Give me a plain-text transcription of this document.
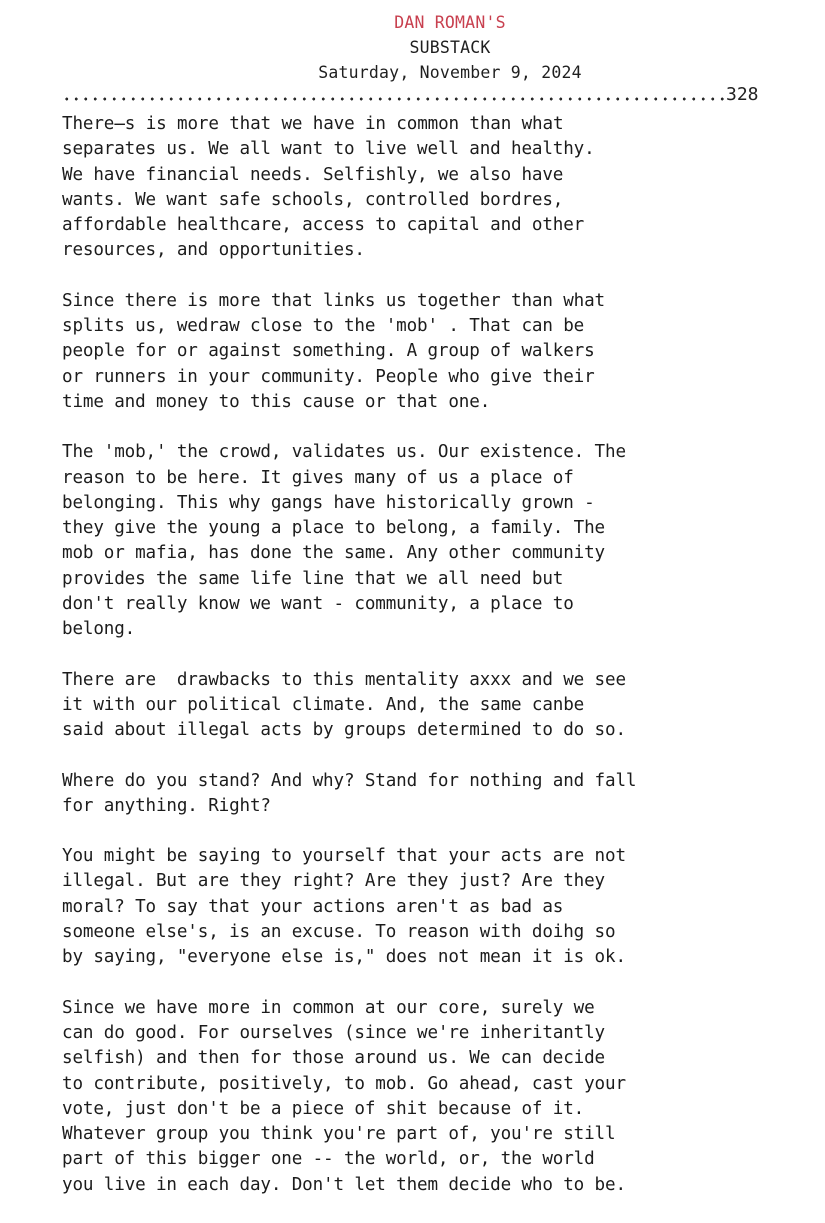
DAN ROMAN'S
SUBSTACK
Saturday, November 9, 2024
328

There̶s is more that we have in common than what
separates us. We all want to live well and healthy.
We have financial needs. Selfishly, we also have
wants. We want safe schools, controlled bordres,
affordable healthcare, access to capital and other
resources, and opportunities.

Since there is more that links us together than what
splits us, wedraw close to the 'mob' . That can be
people for or against something. A group of walkers
or runners in your community. People who give their
time and money to this cause or that one.

The 'mob,' the crowd, validates us. Our existence. The
reason to be here. It gives many of us a place of
belonging. This why gangs have historically grown -
they give the young a place to belong, a family. The
mob or mafia, has done the same. Any other community
provides the same life line that we all need but
don't really know we want - community, a place to
belong.

There are  drawbacks to this mentality axxx and we see
it with our political climate. And, the same canbe
said about illegal acts by groups determined to do so.

Where do you stand? And why? Stand for nothing and fall
for anything. Right?

You might be saying to yourself that your acts are not
illegal. But are they right? Are they just? Are they
moral? To say that your actions aren't as bad as
someone else's, is an excuse. To reason with doihg so
by saying, "everyone else is," does not mean it is ok.

Since we have more in common at our core, surely we
can do good. For ourselves (since we're inheritantly
selfish) and then for those around us. We can decide
to contribute, positively, to mob. Go ahead, cast your
vote, just don't be a piece of shit because of it.
Whatever group you think you're part of, you're still
part of this bigger one -- the world, or, the world
you live in each day. Don't let them decide who to be.
